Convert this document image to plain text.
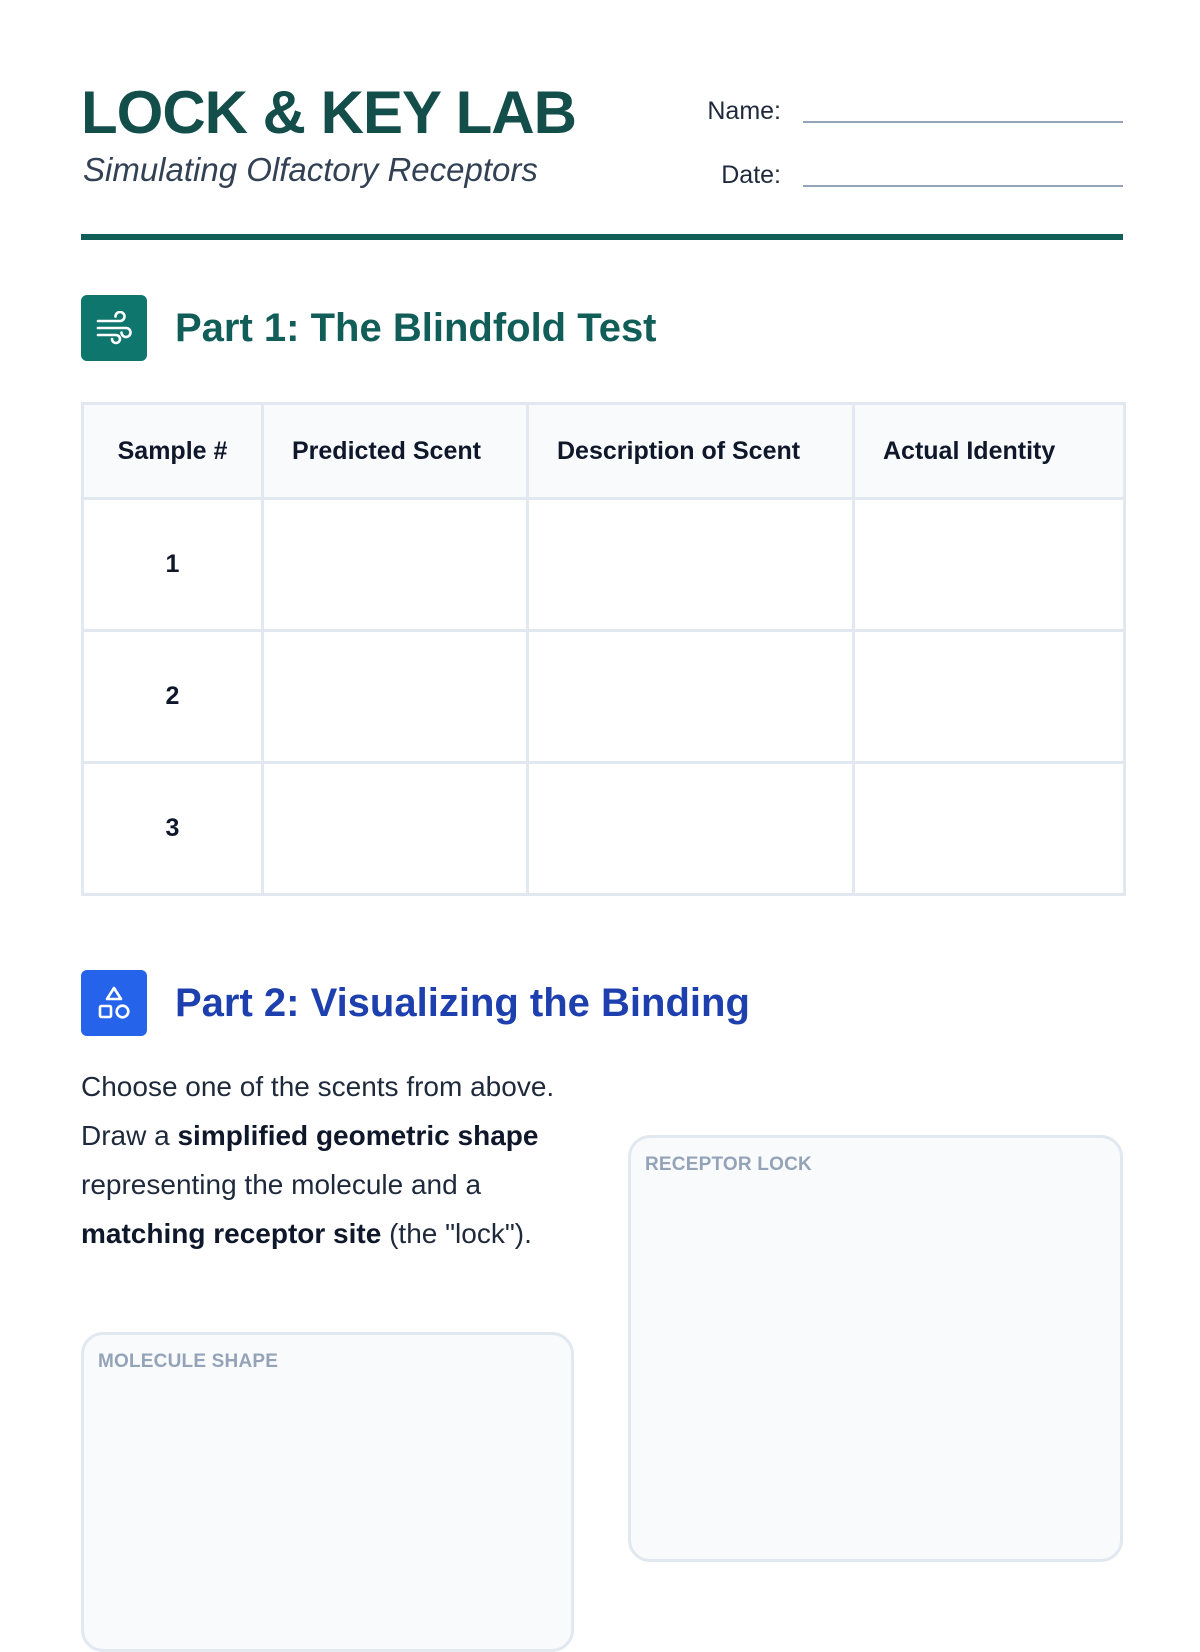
LOCK & KEY LAB

Simulating Olfactory Receptors

Name:
Date:
Part 1: The Blindfold Test
Sample #	Predicted Scent	Description of Scent	Actual Identity
1			
2			
3			
Part 2: Visualizing the Binding

Choose one of the scents from above. Draw a simplified geometric shape representing the molecule and a matching receptor site (the "lock").

RECEPTOR LOCK
MOLECULE SHAPE
